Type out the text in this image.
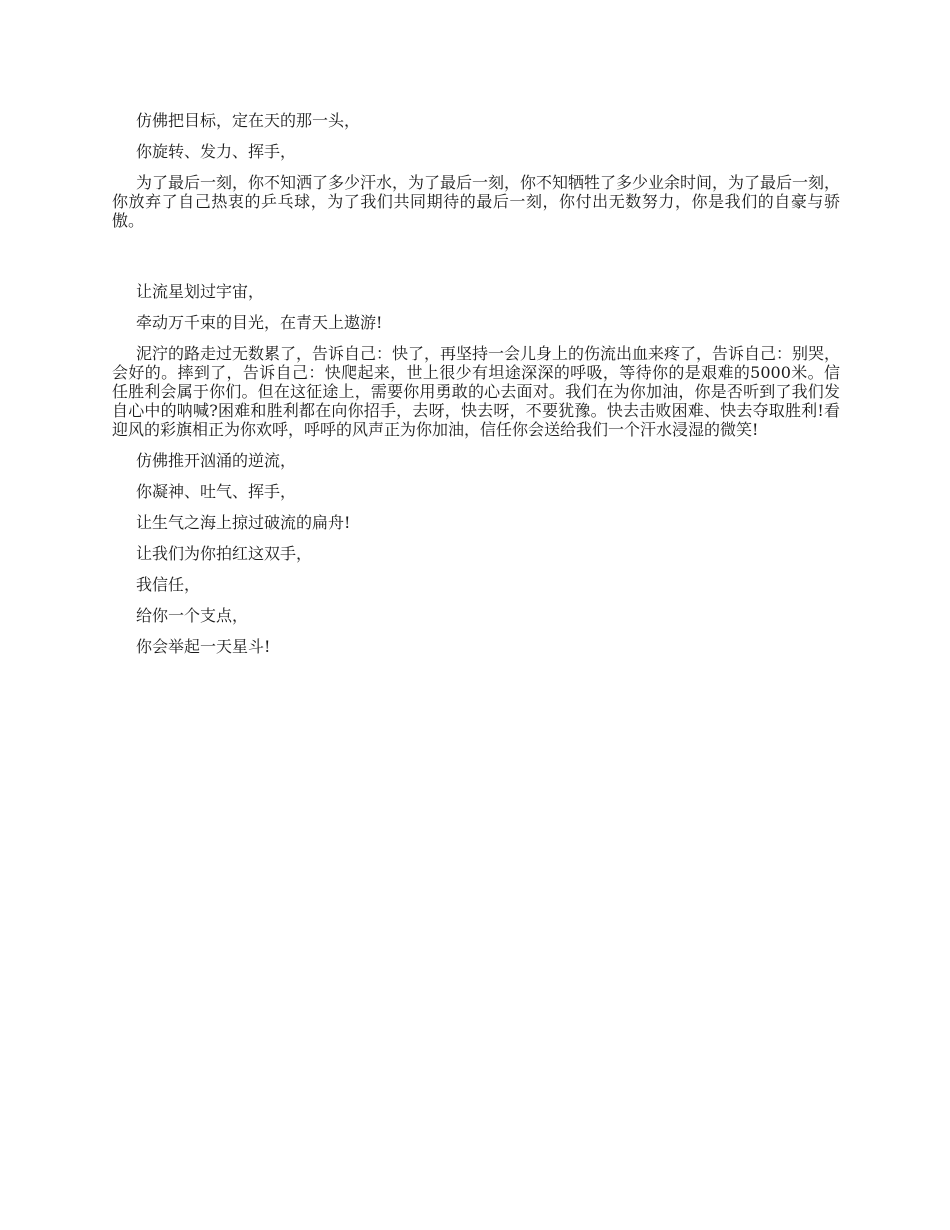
仿佛把目标，定在天的那一头，

你旋转、发力、挥手，

为了最后一刻，你不知洒了多少汗水，为了最后一刻，你不知牺牲了多少业余时间，为了最后一刻，你放弃了自己热衷的乒乓球，为了我们共同期待的最后一刻，你付出无数努力，你是我们的自豪与骄傲。

让流星划过宇宙，

牵动万千束的目光，在青天上遨游!

泥泞的路走过无数累了，告诉自己：快了，再坚持一会儿身上的伤流出血来疼了，告诉自己：别哭，会好的。摔到了，告诉自己：快爬起来，世上很少有坦途深深的呼吸，等待你的是艰难的5000米。信任胜利会属于你们。但在这征途上，需要你用勇敢的心去面对。我们在为你加油，你是否听到了我们发自心中的呐喊?困难和胜利都在向你招手，去呀，快去呀，不要犹豫。快去击败困难、快去夺取胜利!看迎风的彩旗相正为你欢呼，呼呼的风声正为你加油，信任你会送给我们一个汗水浸湿的微笑!

仿佛推开汹涌的逆流，

你凝神、吐气、挥手，

让生气之海上掠过破流的扁舟!

让我们为你拍红这双手，

我信任，

给你一个支点，

你会举起一天星斗!
